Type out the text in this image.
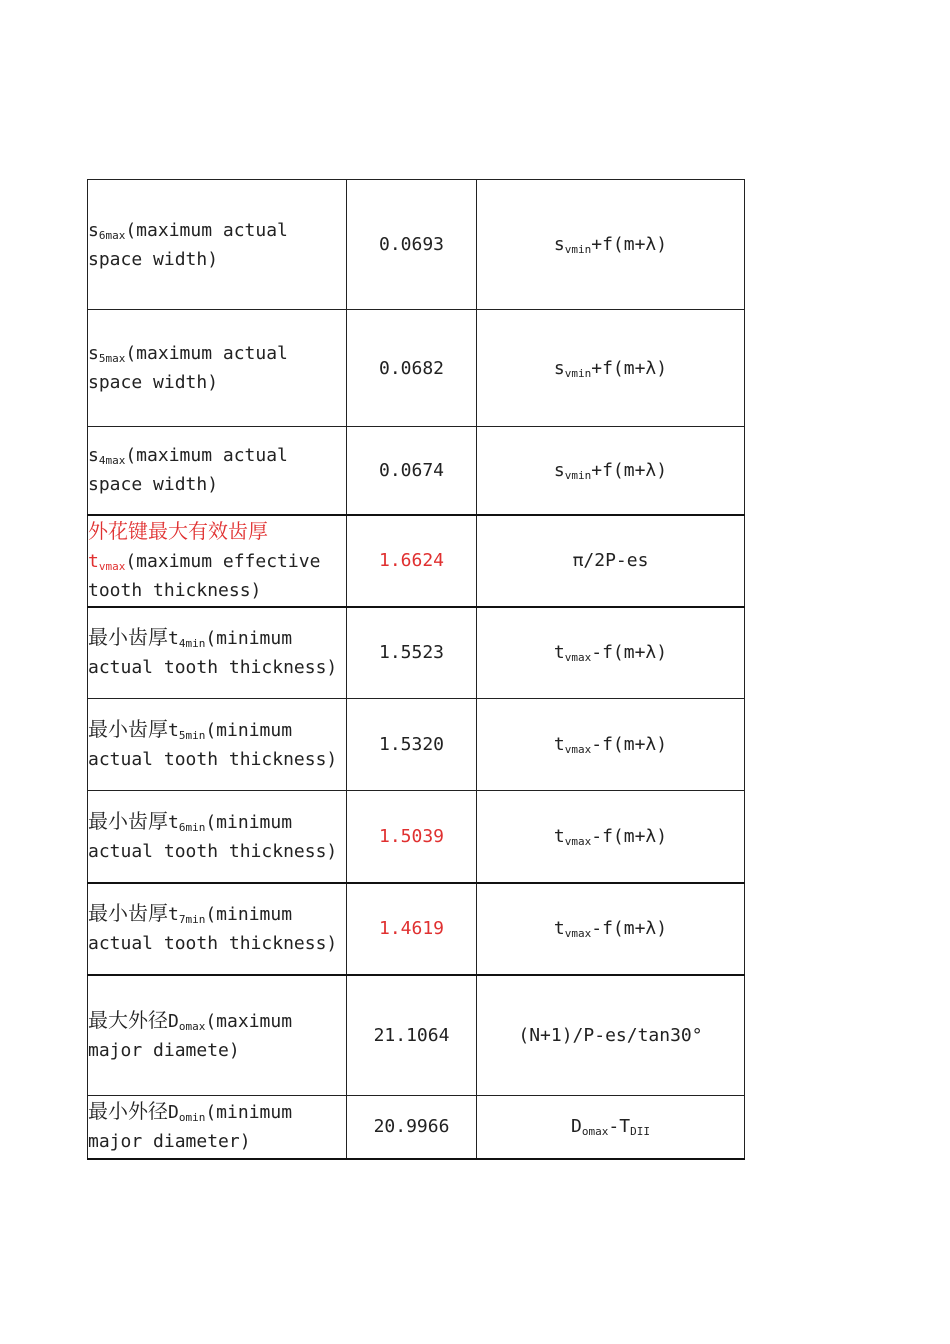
$s_{6max}(maximum$ actual space width)	0.0693	$s_{vmin}+f(m+\lambda)$
$s_{5max}(maximum$ actual space width)	0.0682	$s_{vmin}+f(m+\lambda)$
$s_{4max}(maximum$ actual space width)	0.0674	$s_{vmin}+f(m+\lambda)$
外花键最大有效齿厚
$t_{vmax}(maximum$ effective tooth thickness)	1.6624	π/2P-es
最小齿厚$t_{4min}(minimum$ actual tooth thickness)	1.5523	$t_{vmax}-f(m+\lambda)$
最小齿厚$t_{5min}(minimum$ actual tooth thickness)	1.5320	$t_{vmax}-f(m+\lambda)$
最小齿厚$t_{6min}(minimum$ actual tooth thickness)	1.5039	$t_{vmax}-f(m+\lambda)$
最小齿厚$t_{7min}(minimum$ actual tooth thickness)	1.4619	$t_{vmax}-f(m+\lambda)$
最大外径$D_{omax}(maximum$ major diamete)	21.1064	(N+1)/P-es/tan30°
最小外径$D_{omin}(minimum$ major diameter)	20.9966	$D_{omax}-T_{DII}$
